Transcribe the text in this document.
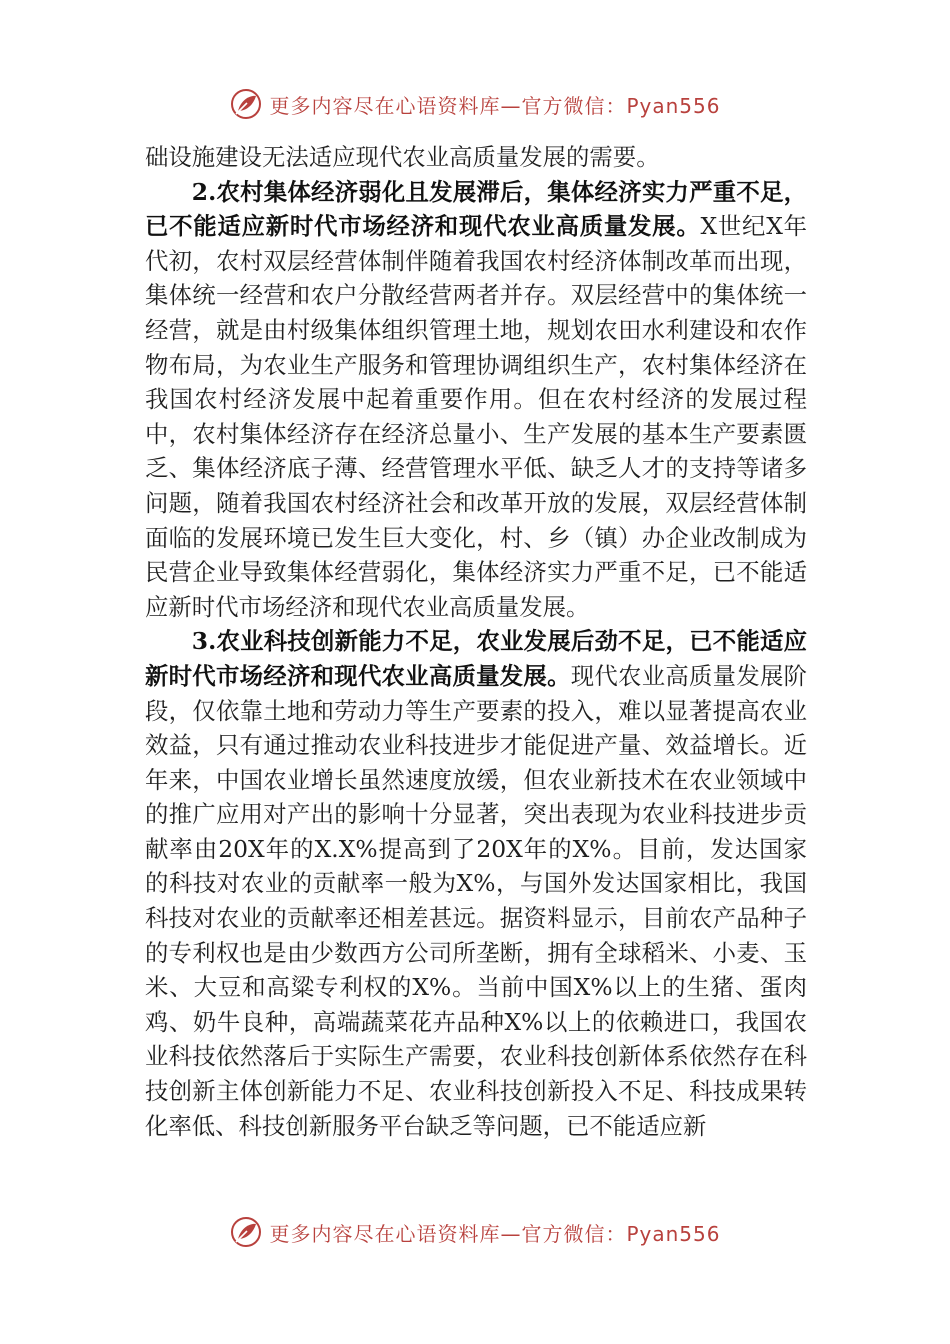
更多内容尽在心语资料库—官方微信：Pyan556

础设施建设无法适应现代农业高质量发展的需要。

2.农村集体经济弱化且发展滞后，集体经济实力严重不足，已不能适应新时代市场经济和现代农业高质量发展。X世纪X年代初，农村双层经营体制伴随着我国农村经济体制改革而出现，集体统一经营和农户分散经营两者并存。双层经营中的集体统一经营，就是由村级集体组织管理土地，规划农田水利建设和农作物布局，为农业生产服务和管理协调组织生产，农村集体经济在我国农村经济发展中起着重要作用。但在农村经济的发展过程中，农村集体经济存在经济总量小、生产发展的基本生产要素匮乏、集体经济底子薄、经营管理水平低、缺乏人才的支持等诸多问题，随着我国农村经济社会和改革开放的发展，双层经营体制面临的发展环境已发生巨大变化，村、乡（镇）办企业改制成为民营企业导致集体经营弱化，集体经济实力严重不足，已不能适应新时代市场经济和现代农业高质量发展。

3.农业科技创新能力不足，农业发展后劲不足，已不能适应新时代市场经济和现代农业高质量发展。现代农业高质量发展阶段，仅依靠土地和劳动力等生产要素的投入，难以显著提高农业效益，只有通过推动农业科技进步才能促进产量、效益增长。近年来，中国农业增长虽然速度放缓，但农业新技术在农业领域中的推广应用对产出的影响十分显著，突出表现为农业科技进步贡献率由20X年的X.X%提高到了20X年的X%。目前，发达国家的科技对农业的贡献率一般为X%，与国外发达国家相比，我国科技对农业的贡献率还相差甚远。据资料显示，目前农产品种子的专利权也是由少数西方公司所垄断，拥有全球稻米、小麦、玉米、大豆和高粱专利权的X%。当前中国X%以上的生猪、蛋肉鸡、奶牛良种，高端蔬菜花卉品种X%以上的依赖进口，我国农业科技依然落后于实际生产需要，农业科技创新体系依然存在科技创新主体创新能力不足、农业科技创新投入不足、科技成果转化率低、科技创新服务平台缺乏等问题，已不能适应新

更多内容尽在心语资料库—官方微信：Pyan556
